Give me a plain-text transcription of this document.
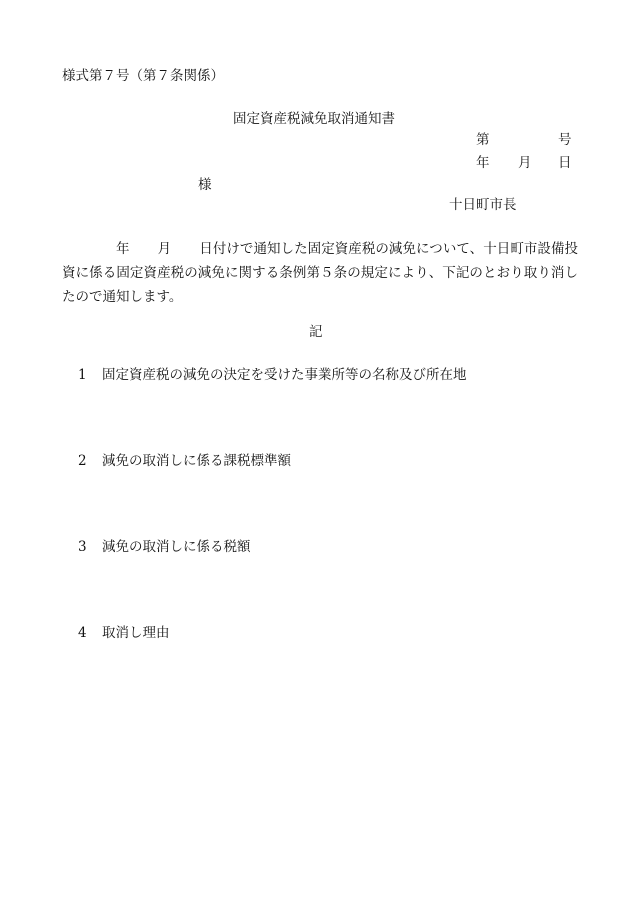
様式第７号（第７条関係）
固定資産税減免取消通知書
第	号
年 月 日
様
十日町市長
年 月 日付けで通知した固定資産税の減免について、十日町市設備投資に係る固定資産税の減免に関する条例第５条の規定により、下記のとおり取り消したので通知します。
記
1 固定資産税の減免の決定を受けた事業所等の名称及び所在地
2 減免の取消しに係る課税標準額
3 減免の取消しに係る税額
4 取消し理由
